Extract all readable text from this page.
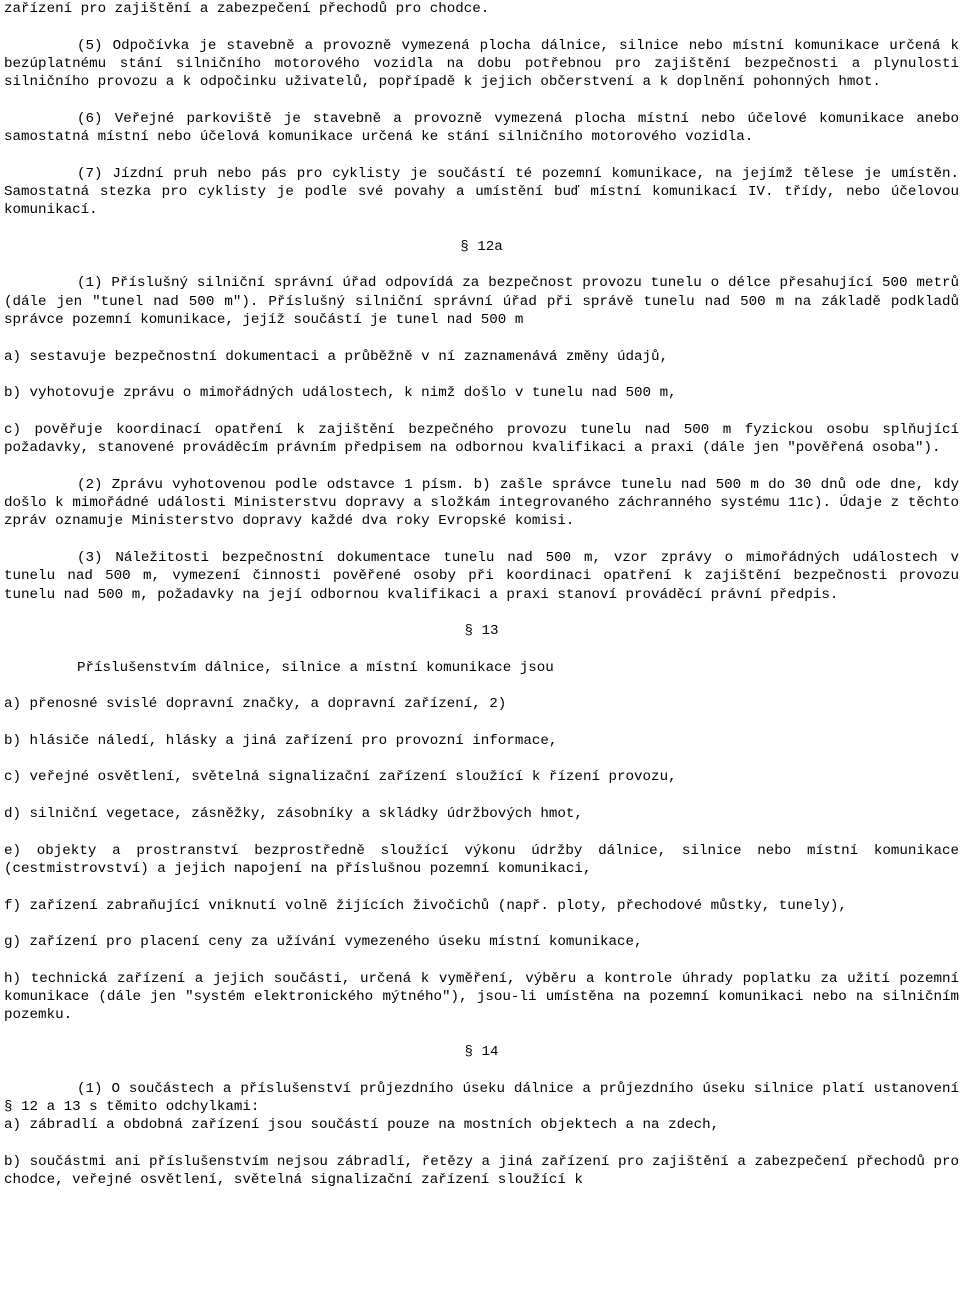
zařízení pro zajištění a zabezpečení přechodů pro chodce.
(5) Odpočívka je stavebně a provozně vymezená plocha dálnice, silnice nebo místní komunikace určená k bezúplatnému stání silničního motorového vozidla na dobu potřebnou pro zajištění bezpečnosti a plynulosti silničního provozu a k odpočinku uživatelů, popřípadě k jejich občerstvení a k doplnění pohonných hmot.
(6) Veřejné parkoviště je stavebně a provozně vymezená plocha místní nebo účelové komunikace anebo samostatná místní nebo účelová komunikace určená ke stání silničního motorového vozidla.
(7) Jízdní pruh nebo pás pro cyklisty je součástí té pozemní komunikace, na jejímž tělese je umístěn. Samostatná stezka pro cyklisty je podle své povahy a umístění buď místní komunikací IV. třídy, nebo účelovou komunikací.
§ 12a
(1) Příslušný silniční správní úřad odpovídá za bezpečnost provozu tunelu o délce přesahující 500 metrů (dále jen "tunel nad 500 m"). Příslušný silniční správní úřad při správě tunelu nad 500 m na základě podkladů správce pozemní komunikace, jejíž součástí je tunel nad 500 m
a) sestavuje bezpečnostní dokumentaci a průběžně v ní zaznamenává změny údajů,
b) vyhotovuje zprávu o mimořádných událostech, k nimž došlo v tunelu nad 500 m,
c) pověřuje koordinací opatření k zajištění bezpečného provozu tunelu nad 500 m fyzickou osobu splňující požadavky, stanovené prováděcím právním předpisem na odbornou kvalifikaci a praxi (dále jen "pověřená osoba").
(2) Zprávu vyhotovenou podle odstavce 1 písm. b) zašle správce tunelu nad 500 m do 30 dnů ode dne, kdy došlo k mimořádné události Ministerstvu dopravy a složkám integrovaného záchranného systému 11c). Údaje z těchto zpráv oznamuje Ministerstvo dopravy každé dva roky Evropské komisi.
(3) Náležitosti bezpečnostní dokumentace tunelu nad 500 m, vzor zprávy o mimořádných událostech v tunelu nad 500 m, vymezení činnosti pověřené osoby při koordinaci opatření k zajištění bezpečnosti provozu tunelu nad 500 m, požadavky na její odbornou kvalifikaci a praxi stanoví prováděcí právní předpis.
§ 13
Příslušenstvím dálnice, silnice a místní komunikace jsou
a) přenosné svislé dopravní značky, a dopravní zařízení, 2)
b) hlásiče náledí, hlásky a jiná zařízení pro provozní informace,
c) veřejné osvětlení, světelná signalizační zařízení sloužící k řízení provozu,
d) silniční vegetace, zásněžky, zásobníky a skládky údržbových hmot,
e) objekty a prostranství bezprostředně sloužící výkonu údržby dálnice, silnice nebo místní komunikace (cestmistrovství) a jejich napojení na příslušnou pozemní komunikaci,
f) zařízení zabraňující vniknutí volně žijících živočichů (např. ploty, přechodové můstky, tunely),
g) zařízení pro placení ceny za užívání vymezeného úseku místní komunikace,
h) technická zařízení a jejich součásti, určená k vyměření, výběru a kontrole úhrady poplatku za užití pozemní komunikace (dále jen "systém elektronického mýtného"), jsou-li umístěna na pozemní komunikaci nebo na silničním pozemku.
§ 14
(1) O součástech a příslušenství průjezdního úseku dálnice a průjezdního úseku silnice platí ustanovení § 12 a 13 s těmito odchylkami:
a) zábradlí a obdobná zařízení jsou součástí pouze na mostních objektech a na zdech,
b) součástmi ani příslušenstvím nejsou zábradlí, řetězy a jiná zařízení pro zajištění a zabezpečení přechodů pro chodce, veřejné osvětlení, světelná signalizační zařízení sloužící k
